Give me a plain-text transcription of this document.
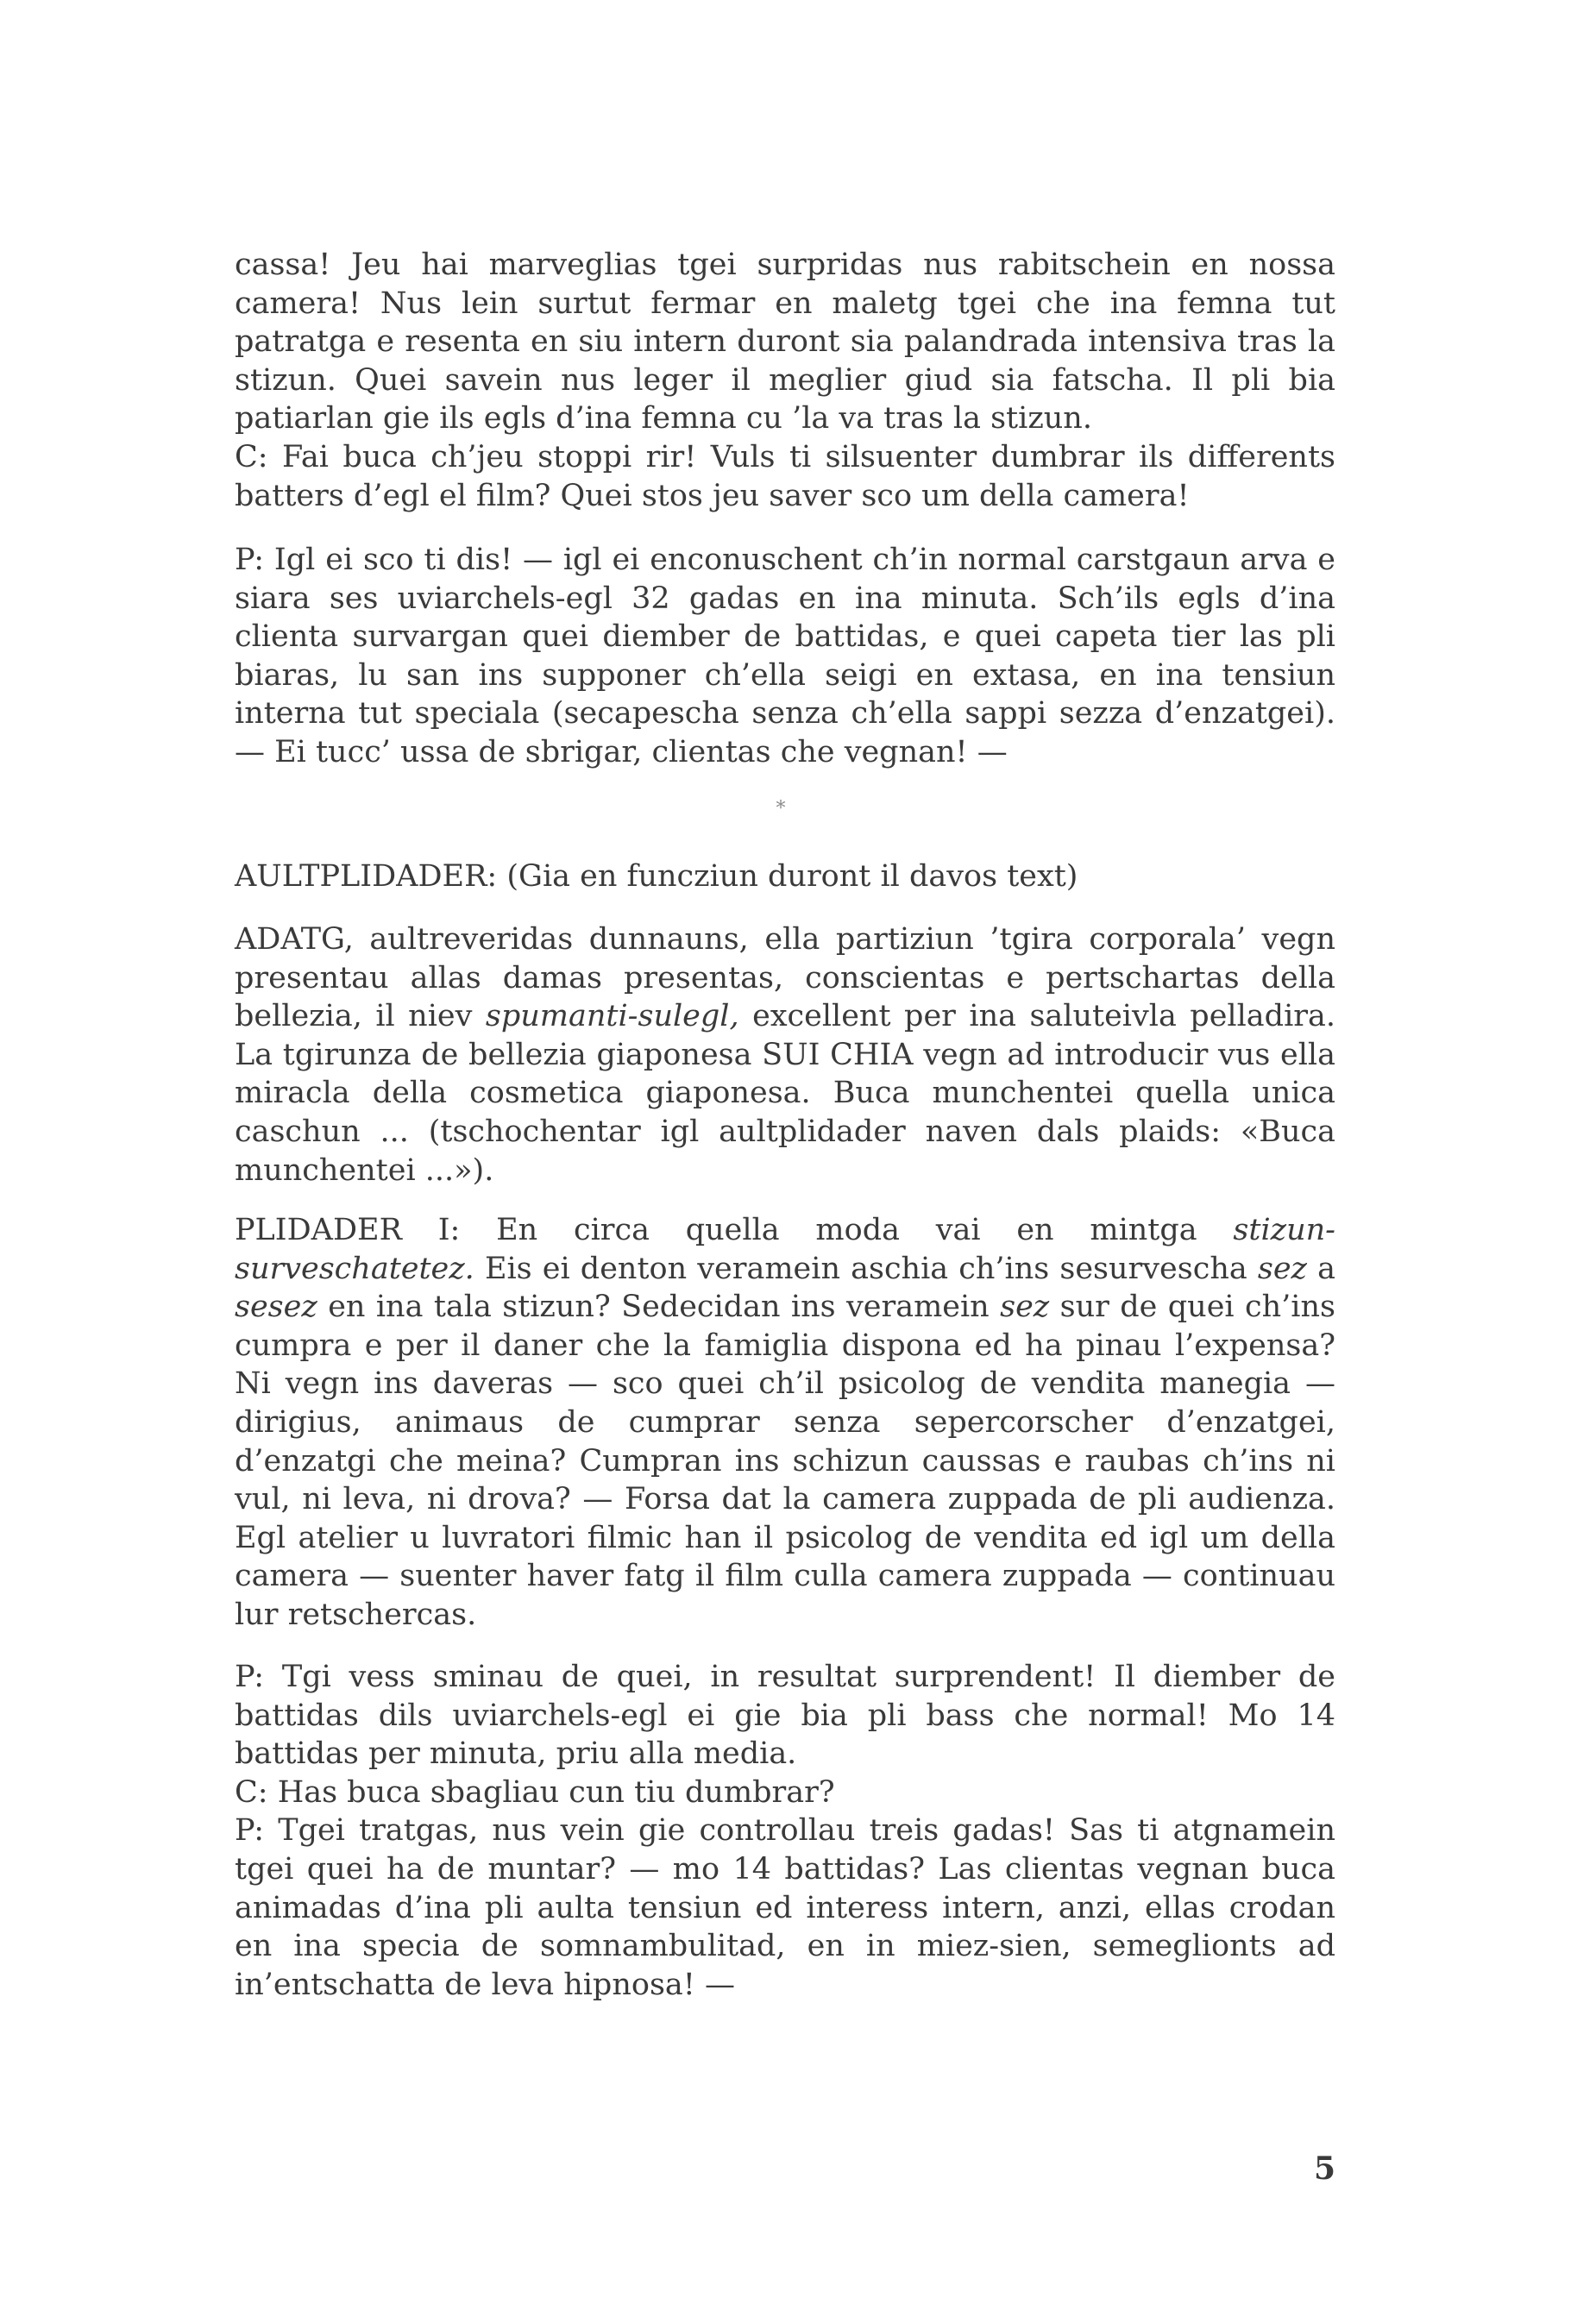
cassa! Jeu hai marveglias tgei surpridas nus rabitschein en nossa camera! Nus lein surtut fermar en maletg tgei che ina femna tut patratga e resenta en siu intern duront sia palandrada intensiva tras la stizun. Quei savein nus leger il meglier giud sia fatscha. Il pli bia patiarlan gie ils egls d’ina femna cu ’la va tras la stizun.
C: Fai buca ch’jeu stoppi rir! Vuls ti silsuenter dumbrar ils differents batters d’egl el film? Quei stos jeu saver sco um della camera!

P: Igl ei sco ti dis! — igl ei enconuschent ch’in normal carstgaun arva e siara ses uviarchels-egl 32 gadas en ina minuta. Sch’ils egls d’ina clienta survargan quei diember de battidas, e quei capeta tier las pli biaras, lu san ins supponer ch’ella seigi en extasa, en ina tensiun interna tut speciala (secapescha senza ch’ella sappi sezza d’enzatgei). — Ei tucc’ ussa de sbrigar, clientas che vegnan! —

*

AULTPLIDADER: (Gia en funcziun duront il davos text)

ADATG, aultreveridas dunnauns, ella partiziun ’tgira corporala’ vegn presentau allas damas presentas, conscientas e pertschartas della bellezia, il niev spumanti-sulegl, excellent per ina saluteivla pelladira. La tgirunza de bellezia giaponesa SUI CHIA vegn ad introducir vus ella miracla della cosmetica giaponesa. Buca munchentei quella unica caschun ... (tschochentar igl aultplidader naven dals plaids: «Buca munchentei ...»).

PLIDADER I: En circa quella moda vai en mintga stizun-surveschatetez. Eis ei denton veramein aschia ch’ins sesurvescha sez a sesez en ina tala stizun? Sedecidan ins veramein sez sur de quei ch’ins cumpra e per il daner che la famiglia dispona ed ha pinau l’expensa? Ni vegn ins daveras — sco quei ch’il psicolog de vendita manegia — dirigius, animaus de cumprar senza sepercorscher d’enzatgei, d’enzatgi che meina? Cumpran ins schizun caussas e raubas ch’ins ni vul, ni leva, ni drova? — Forsa dat la camera zuppada de pli audienza. Egl atelier u luvratori filmic han il psicolog de vendita ed igl um della camera — suenter haver fatg il film culla camera zuppada — continuau lur retschercas.

P: Tgi vess sminau de quei, in resultat surprendent! Il diember de battidas dils uviarchels-egl ei gie bia pli bass che normal! Mo 14 battidas per minuta, priu alla media.
C: Has buca sbagliau cun tiu dumbrar?
P: Tgei tratgas, nus vein gie controllau treis gadas! Sas ti atgnamein tgei quei ha de muntar? — mo 14 battidas? Las clientas vegnan buca animadas d’ina pli aulta tensiun ed interess intern, anzi, ellas crodan en ina specia de somnambulitad, en in miez-sien, semeglionts ad in’entschatta de leva hipnosa! —
5
